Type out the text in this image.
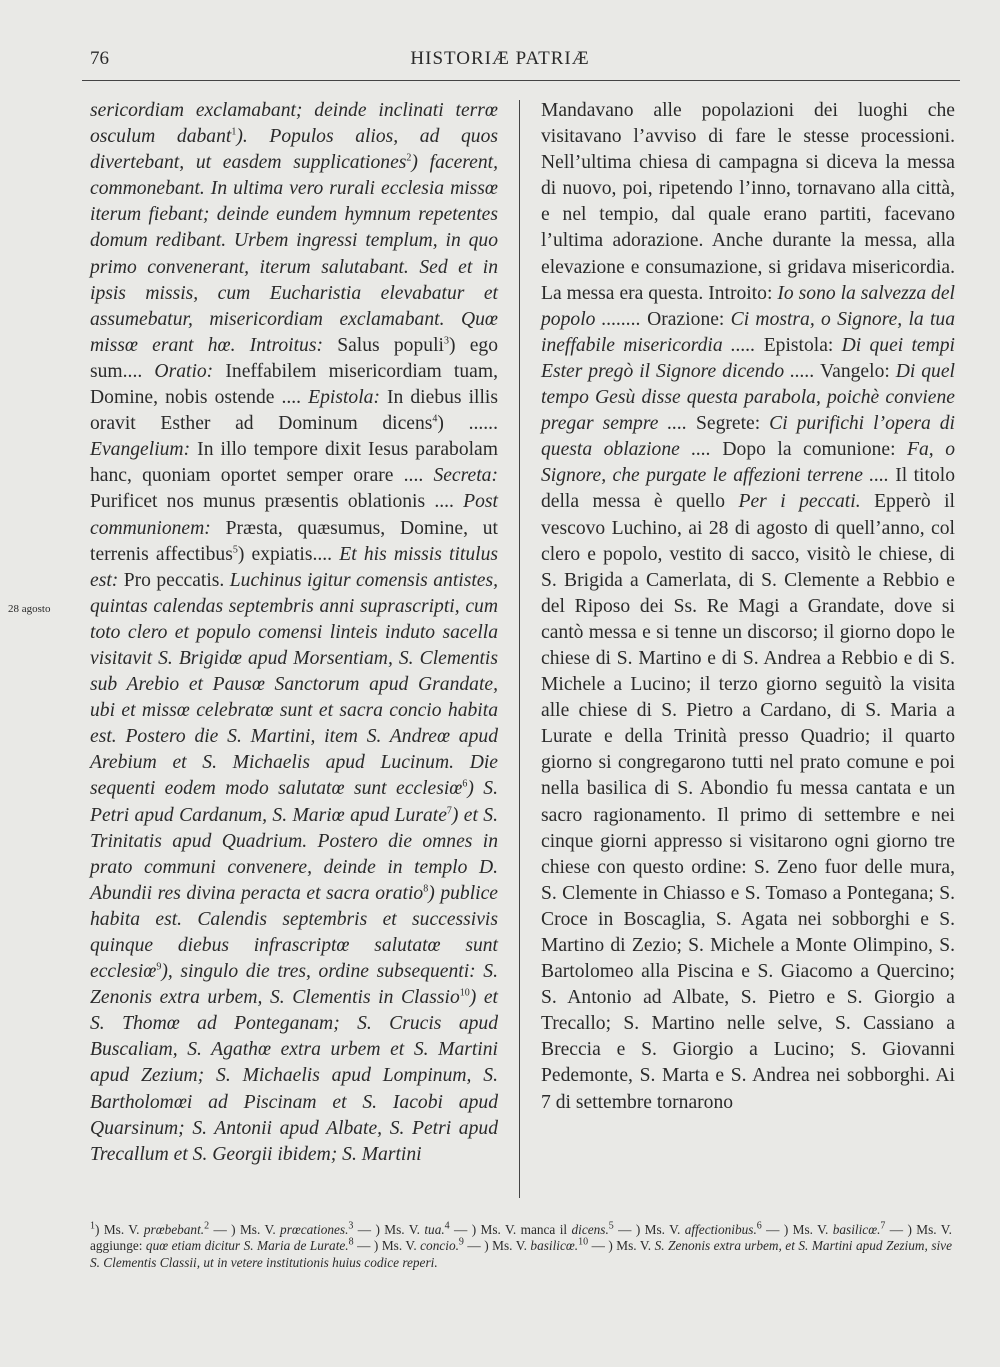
76	HISTORIÆ PATRIÆ
28 agosto

sericordiam exclamabant; deinde inclinati terrœ osculum dabant$^1$). Populos alios, ad quos divertebant, ut easdem supplicationes$^2$) facerent, commonebant. In ultima vero rurali ecclesia missœ iterum fiebant; deinde eundem hymnum repetentes domum redibant. Urbem ingressi templum, in quo primo convenerant, iterum salutabant. Sed et in ipsis missis, cum Eucharistia elevabatur et assumebatur, misericordiam exclamabant. Quœ missœ erant hœ. Introitus: Salus populi$^3$) ego sum.... Oratio: Ineffabilem misericordiam tuam, Domine, nobis ostende .... Epistola: In diebus illis oravit Esther ad Dominum dicens$^4$) ...... Evangelium: In illo tempore dixit Iesus parabolam hanc, quoniam oportet semper orare .... Secreta: Purificet nos munus præsentis oblationis .... Post communionem: Præsta, quæsumus, Domine, ut terrenis affectibus$^5$) expiatis.... Et his missis titulus est: Pro peccatis. Luchinus igitur comensis antistes, quintas calendas septembris anni suprascripti, cum toto clero et populo comensi linteis induto sacella visitavit S. Brigidœ apud Morsentiam, S. Clementis sub Arebio et Pausœ Sanctorum apud Grandate, ubi et missœ celebratœ sunt et sacra concio habita est. Postero die S. Martini, item S. Andreœ apud Arebium et S. Michaelis apud Lucinum. Die sequenti eodem modo salutatœ sunt ecclesiœ$^6$) S. Petri apud Cardanum, S. Mariœ apud Lurate$^7$) et S. Trinitatis apud Quadrium. Postero die omnes in prato communi convenere, deinde in templo D. Abundii res divina peracta et sacra oratio$^8$) publice habita est. Calendis septembris et successivis quinque diebus infrascriptœ salutatœ sunt ecclesiœ$^9$), singulo die tres, ordine subsequenti: S. Zenonis extra urbem, S. Clementis in Classio$^{10}$) et S. Thomœ ad Ponteganam; S. Crucis apud Buscaliam, S. Agathœ extra urbem et S. Martini apud Zezium; S. Michaelis apud Lompinum, S. Bartholomœi ad Piscinam et S. Iacobi apud Quarsinum; S. Antonii apud Albate, S. Petri apud Trecallum et S. Georgii ibidem; S. Martini

Mandavano alle popolazioni dei luoghi che visitavano l’avviso di fare le stesse processioni. Nell’ultima chiesa di campagna si diceva la messa di nuovo, poi, ripetendo l’inno, tornavano alla città, e nel tempio, dal quale erano partiti, facevano l’ultima adorazione. Anche durante la messa, alla elevazione e consumazione, si gridava misericordia. La messa era questa. Introito: Io sono la salvezza del popolo ........ Orazione: Ci mostra, o Signore, la tua ineffabile misericordia ..... Epistola: Di quei tempi Ester pregò il Signore dicendo ..... Vangelo: Di quel tempo Gesù disse questa parabola, poichè conviene pregar sempre .... Segrete: Ci purifichi l’opera di questa oblazione .... Dopo la comunione: Fa, o Signore, che purgate le affezioni terrene .... Il titolo della messa è quello Per i peccati. Epperò il vescovo Luchino, ai 28 di agosto di quell’anno, col clero e popolo, vestito di sacco, visitò le chiese, di S. Brigida a Camerlata, di S. Clemente a Rebbio e del Riposo dei Ss. Re Magi a Grandate, dove si cantò messa e si tenne un discorso; il giorno dopo le chiese di S. Martino e di S. Andrea a Rebbio e di S. Michele a Lucino; il terzo giorno seguitò la visita alle chiese di S. Pietro a Cardano, di S. Maria a Lurate e della Trinità presso Quadrio; il quarto giorno si congregarono tutti nel prato comune e poi nella basilica di S. Abondio fu messa cantata e un sacro ragionamento. Il primo di settembre e nei cinque giorni appresso si visitarono ogni giorno tre chiese con questo ordine: S. Zeno fuor delle mura, S. Clemente in Chiasso e S. Tomaso a Pontegana; S. Croce in Boscaglia, S. Agata nei sobborghi e S. Martino di Zezio; S. Michele a Monte Olimpino, S. Bartolomeo alla Piscina e S. Giacomo a Quercino; S. Antonio ad Albate, S. Pietro e S. Giorgio a Trecallo; S. Martino nelle selve, S. Cassiano a Breccia e S. Giorgio a Lucino; S. Giovanni Pedemonte, S. Marta e S. Andrea nei sobborghi. Ai 7 di settembre tornarono

$^1$) Ms. V. prœbebant.$^2$ — ) Ms. V. prœcationes.$^3$ — ) Ms. V. tua.$^4$ — ) Ms. V. manca il dicens.$^5$ — ) Ms. V. affectionibus.$^6$ — ) Ms. V. basilicœ.$^7$ — ) Ms. V. aggiunge: quœ etiam dicitur S. Maria de Lurate.$^8$ — ) Ms. V. concio.$^9$ — ) Ms. V. basilicœ.$^{10}$ — ) Ms. V. S. Zenonis extra urbem, et S. Martini apud Zezium, sive S. Clementis Classii, ut in vetere institutionis huius codice reperi.
